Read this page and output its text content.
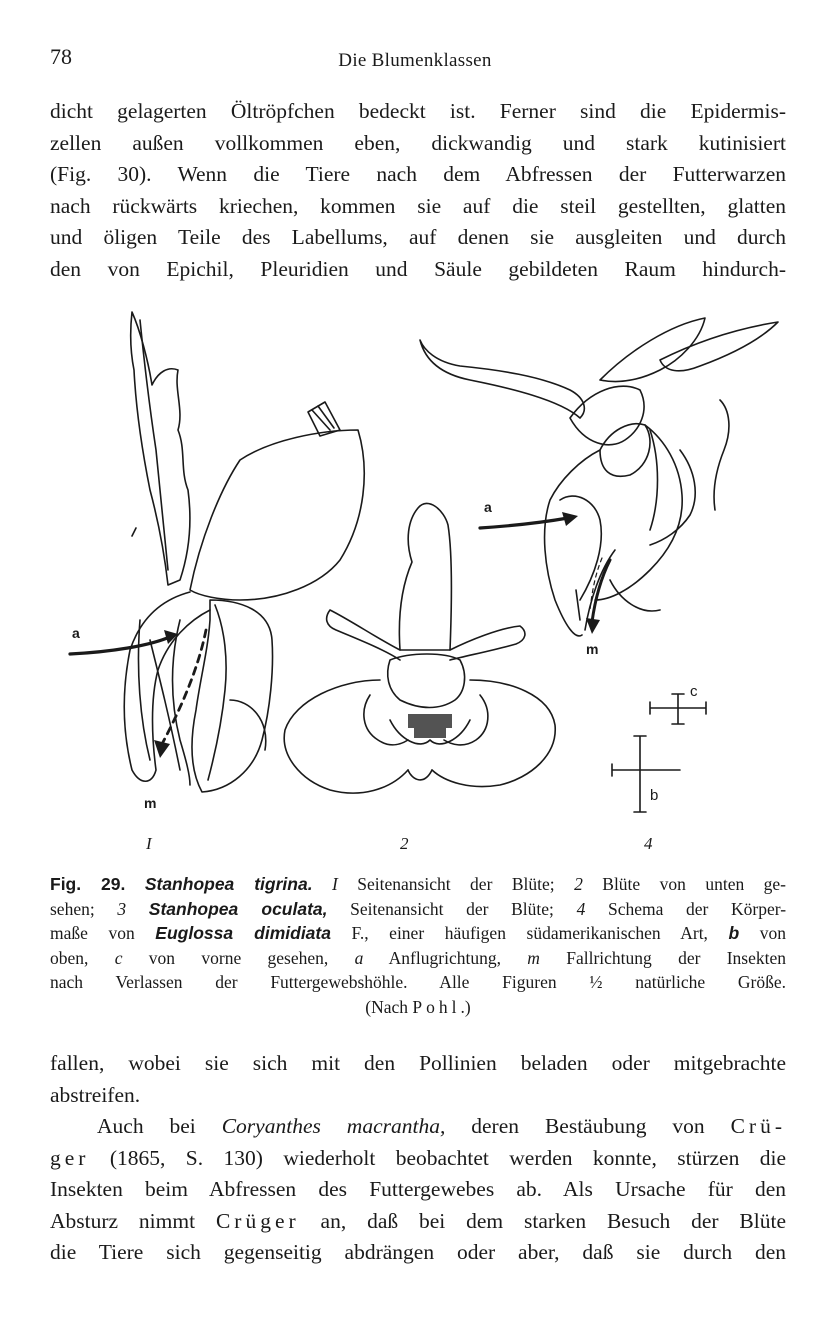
78	Die Blumenklassen
dicht gelagerten Öltröpfchen bedeckt ist. Ferner sind die Epidermis-
zellen außen vollkommen eben, dickwandig und stark kutinisiert
(Fig. 30). Wenn die Tiere nach dem Abfressen der Futterwarzen
nach rückwärts kriechen, kommen sie auf die steil gestellten, glatten
und öligen Teile des Labellums, auf denen sie ausgleiten und durch
den von Epichil, Pleuridien und Säule gebildeten Raum hindurch-
a
m
a
m
c
b
I	2	4
Fig. 29. Stanhopea tigrina. I Seitenansicht der Blüte; 2 Blüte von unten ge-
sehen; 3 Stanhopea oculata, Seitenansicht der Blüte; 4 Schema der Körper-
maße von Euglossa dimidiata F., einer häufigen südamerikanischen Art, b von
oben, c von vorne gesehen, a Anflugrichtung, m Fallrichtung der Insekten
nach Verlassen der Futtergewebshöhle. Alle Figuren ½ natürliche Größe.
(Nach Pohl.)
fallen, wobei sie sich mit den Pollinien beladen oder mitgebrachte
abstreifen.
Auch bei Coryanthes macrantha, deren Bestäubung von Crü-
ger (1865, S. 130) wiederholt beobachtet werden konnte, stürzen die
Insekten beim Abfressen des Futtergewebes ab. Als Ursache für den
Absturz nimmt Crüger an, daß bei dem starken Besuch der Blüte
die Tiere sich gegenseitig abdrängen oder aber, daß sie durch den
